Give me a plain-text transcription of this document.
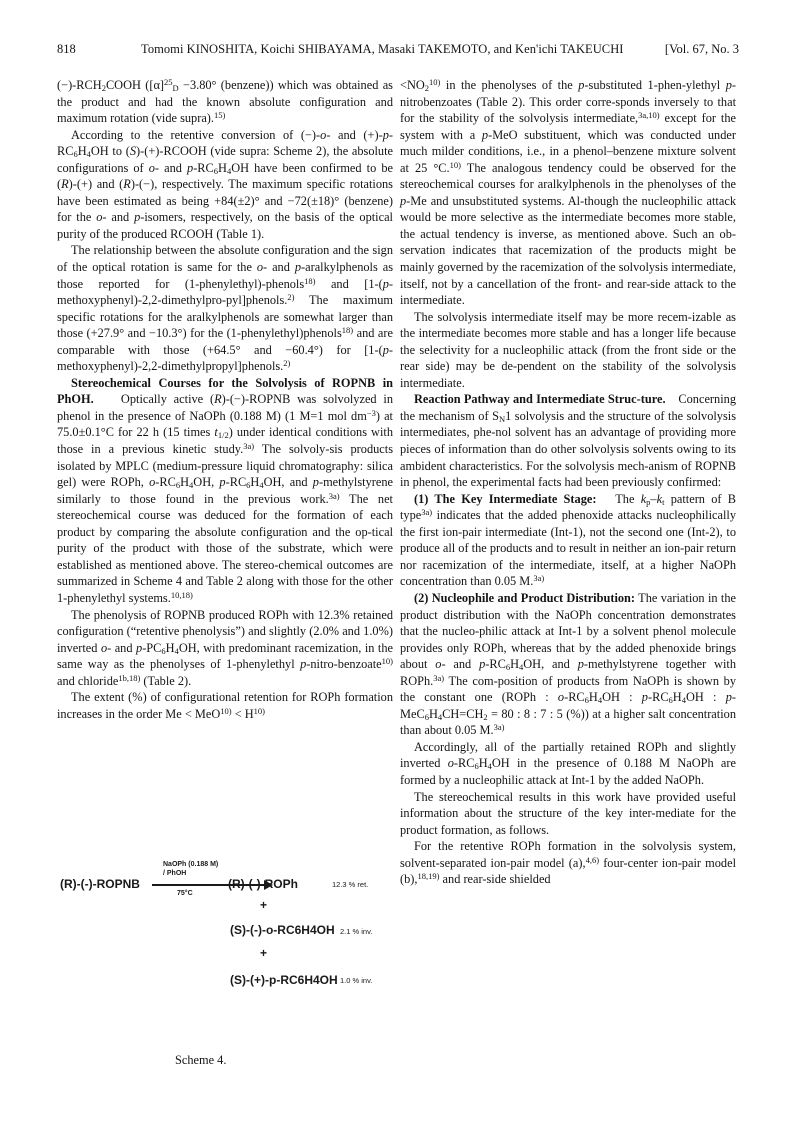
818	Tomomi KINOSHITA, Koichi SHIBAYAMA, Masaki TAKEMOTO, and Ken'ichi TAKEUCHI	[Vol. 67, No. 3

$(-)-RCH_2COOH$ ($[\alpha]^{25}_D -3.80^\circ$ (benzene)) which was obtained as the product and had the known absolute configuration and maximum rotation (vide supra).$^{15)}$

According to the retentive conversion of (−)-o- and $(+)-p-RC_6H_4OH$ to (S)-(+)-RCOOH (vide supra: Scheme 2), the absolute configurations of o- and $p-RC_6H_4OH$ have been confirmed to be (R)-(+) and (R)-(−), respectively. The maximum specific rotations have been estimated as being +84(±2)° and −72(±18)° (benzene) for the o- and p-isomers, respectively, on the basis of the optical purity of the produced RCOOH (Table 1).

The relationship between the absolute configuration and the sign of the optical rotation is same for the o- and p-aralkylphenols as those reported for (1-phenylethyl)-phenols$^{18)}$ and [1-(p-methoxyphenyl)-2,2-dimethylpro-pyl]phenols.$^{2)}$ The maximum specific rotations for the aralkylphenols are somewhat larger than those (+27.9° and −10.3°) for the (1-phenylethyl)phenols$^{18)}$ and are comparable with those (+64.5° and −60.4°) for [1-(p-methoxyphenyl)-2,2-dimethylpropyl]phenols.$^{2)}$

Stereochemical Courses for the Solvolysis of ROPNB in PhOH.    Optically active (R)-(−)-ROPNB was solvolyzed in phenol in the presence of NaOPh (0.188 M) (1 M=1 mol $dm^{-3}$) at 75.0±0.1°C for 22 h (15 times $t_{1/2}$) under identical conditions with those in a previous kinetic study.$^{3a)}$ The solvoly-sis products isolated by MPLC (medium-pressure liquid chromatography: silica gel) were ROPh, $o-RC_6H_4OH$, $p-RC_6H_4OH$, and p-methylstyrene similarly to those found in the previous work.$^{3a)}$ The net stereochemical course was deduced for the formation of each product by comparing the absolute configuration and the op-tical purity of the product with those of the substrate, which were established as mentioned above. The stereo-chemical outcomes are summarized in Scheme 4 and Table 2 along with those for the other 1-phenylethyl systems.$^{10,18)}$

The phenolysis of ROPNB produced ROPh with 12.3% retained configuration (“retentive phenolysis”) and slightly (2.0% and 1.0%) inverted o- and $p-PC_6H_4OH$, with predominant racemization, in the same way as the phenolyses of 1-phenylethyl p-nitro-benzoate$^{10)}$ and chloride$^{1b,18)}$ (Table 2).

The extent (%) of configurational retention for ROPh formation increases in the order $Me < MeO^{10)} < H^{10)}$

NaOPh (0.188 M)
/ PhOH
75°C
(R)-(-)-ROPNB	(R)-(-)-ROPh	12.3 % ret.
+
(S)-(-)-o-RC6H4OH 2.1 % inv.
+
(S)-(+)-p-RC6H4OH 1.0 % inv.
Scheme 4.

$<NO_2^{10)}$ in the phenolyses of the p-substituted 1-phen-ylethyl p-nitrobenzoates (Table 2). This order corre-sponds inversely to that for the stability of the solvolysis intermediate,$^{3a,10)}$ except for the system with a p-MeO substituent, which was conducted under much milder conditions, i.e., in a phenol–benzene mixture solvent at 25 °C.$^{10)}$ The analogous tendency could be observed for the stereochemical courses for aralkylphenols in the phenolyses of the p-Me and unsubstituted systems. Al-though the nucleophilic attack would be more selective as the intermediate becomes more stable, the actual tendency is inverse, as mentioned above. Such an ob-servation indicates that racemization of the products might be mainly governed by the racemization of the solvolysis intermediate, itself, not by a cancellation of the front- and rear-side attack to the intermediate.

The solvolysis intermediate itself may be more recem-izable as the intermediate becomes more stable and has a longer life because the selectivity for a nucleophilic attack (from the front side or the rear side) may be de-pendent on the stability of the solvolysis intermediate.

Reaction Pathway and Intermediate Struc-ture.    Concerning the mechanism of $S_N1$ solvolysis and the structure of the solvolysis intermediates, phe-nol solvent has an advantage of providing more pieces of information than do other solvolysis solvents owing to its ambident characteristics. For the solvolysis mech-anism of ROPNB in phenol, the experimental facts had been previously confirmed:

(1) The Key Intermediate Stage:   The $k_p-k_t$ pattern of B type$^{3a)}$ indicates that the added phenoxide attacks nucleophilically the first ion-pair intermediate (Int-1), not the second one (Int-2), to produce all of the products and to result in neither an ion-pair return nor racemization of the intermediate, itself, at a higher NaOPh concentration than 0.05 M.$^{3a)}$

(2) Nucleophile and Product Distribution: The variation in the product distribution with the NaOPh concentration demonstrates that the nucleo-philic attack at Int-1 by a solvent phenol molecule provides only ROPh, whereas that by the added phenoxide brings about o- and $p-RC_6H_4OH$, and p-methylstyrene together with ROPh.$^{3a)}$ The com-position of products from NaOPh is shown by the constant one (ROPh : $o-RC_6H_4OH$ : $p-RC_6H_4OH$ : $p-MeC_6H_4CH=CH_2 = 80$ : 8 : 7 : 5 (%)) at a higher salt concentration than about 0.05 M.$^{3a)}$

Accordingly, all of the partially retained ROPh and slightly inverted $o-RC_6H_4OH$ in the presence of 0.188 M NaOPh are formed by a nucleophilic attack at Int-1 by the added NaOPh.

The stereochemical results in this work have provided useful information about the structure of the key inter-mediate for the product formation, as follows.

For the retentive ROPh formation in the solvolysis system, solvent-separated ion-pair model (a),$^{4,6)}$ four-center ion-pair model (b),$^{18,19)}$ and rear-side shielded
